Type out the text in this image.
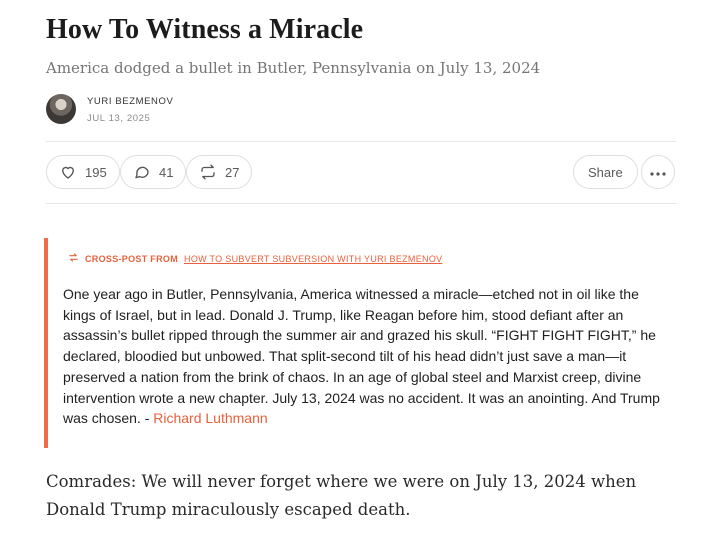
How To Witness a Miracle
America dodged a bullet in Butler, Pennsylvania on July 13, 2024
YURI BEZMENOV
JUL 13, 2025
195	41	27	Share
CROSS-POST FROM HOW TO SUBVERT SUBVERSION WITH YURI BEZMENOV
One year ago in Butler, Pennsylvania, America witnessed a miracle—etched not in oil like the kings of Israel, but in lead. Donald J. Trump, like Reagan before him, stood defiant after an assassin’s bullet ripped through the summer air and grazed his skull. “FIGHT FIGHT FIGHT,” he declared, bloodied but unbowed. That split-second tilt of his head didn’t just save a man—it preserved a nation from the brink of chaos. In an age of global steel and Marxist creep, divine intervention wrote a new chapter. July 13, 2024 was no accident. It was an anointing. And Trump was chosen. - Richard Luthmann
Comrades: We will never forget where we were on July 13, 2024 when Donald Trump miraculously escaped death.
